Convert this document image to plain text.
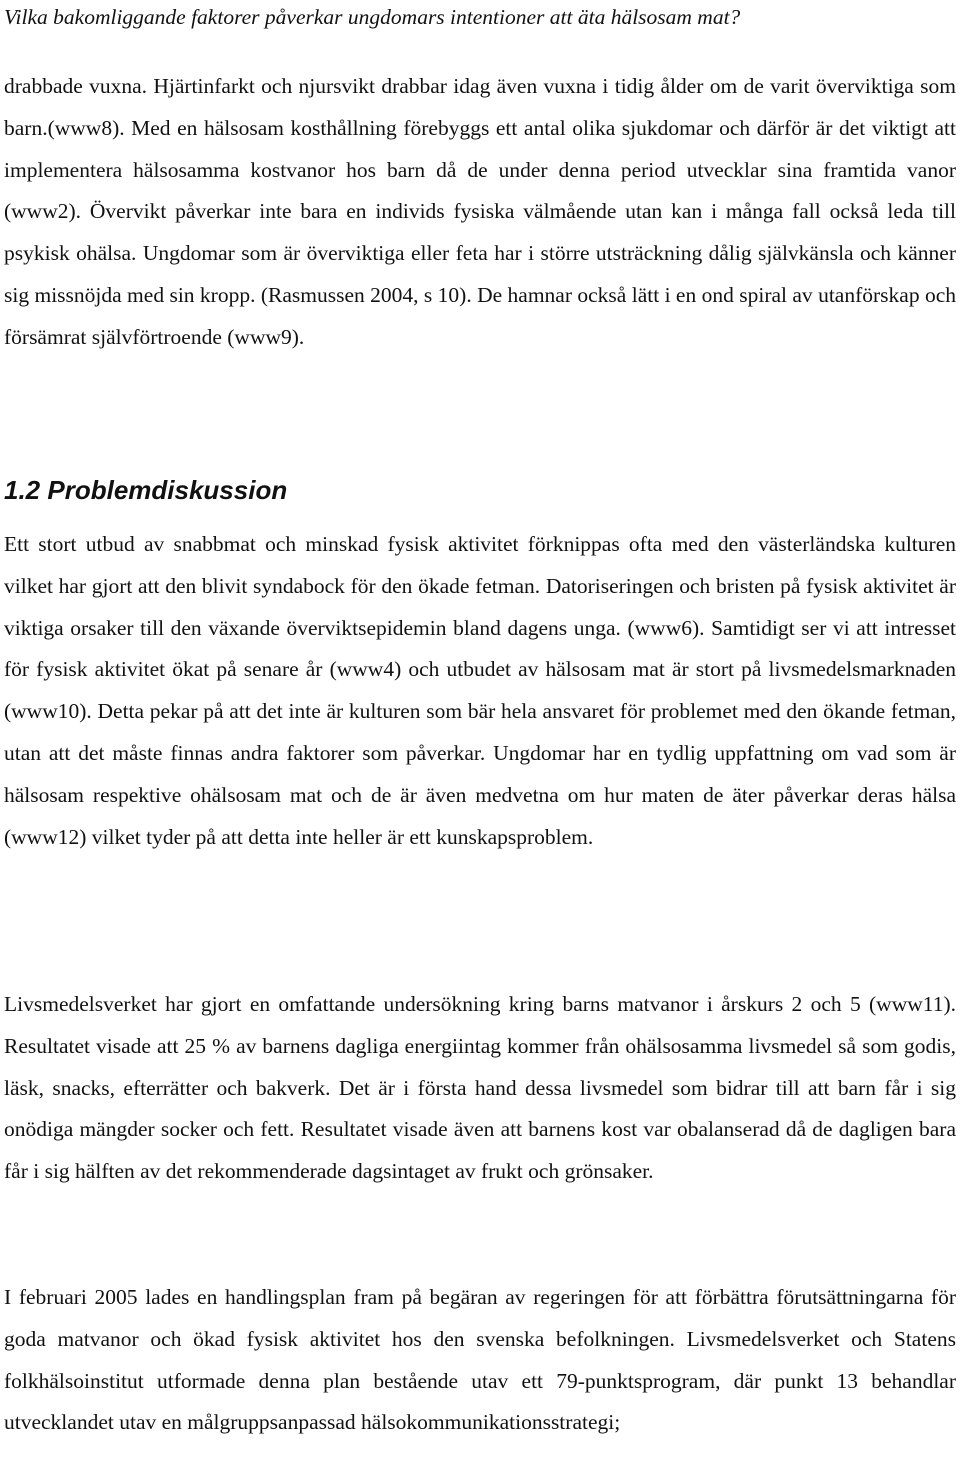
Vilka bakomliggande faktorer påverkar ungdomars intentioner att äta hälsosam mat?

drabbade vuxna. Hjärtinfarkt och njursvikt drabbar idag även vuxna i tidig ålder om de varit överviktiga som barn.(www8). Med en hälsosam kosthållning förebyggs ett antal olika sjukdomar och därför är det viktigt att implementera hälsosamma kostvanor hos barn då de under denna period utvecklar sina framtida vanor (www2). Övervikt påverkar inte bara en individs fysiska välmående utan kan i många fall också leda till psykisk ohälsa. Ungdomar som är överviktiga eller feta har i större utsträckning dålig självkänsla och känner sig missnöjda med sin kropp. (Rasmussen 2004, s 10). De hamnar också lätt i en ond spiral av utanförskap och försämrat självförtroende (www9).

1.2 Problemdiskussion

Ett stort utbud av snabbmat och minskad fysisk aktivitet förknippas ofta med den västerländska kulturen vilket har gjort att den blivit syndabock för den ökade fetman. Datoriseringen och bristen på fysisk aktivitet är viktiga orsaker till den växande överviktsepidemin bland dagens unga. (www6). Samtidigt ser vi att intresset för fysisk aktivitet ökat på senare år (www4) och utbudet av hälsosam mat är stort på livsmedelsmarknaden (www10). Detta pekar på att det inte är kulturen som bär hela ansvaret för problemet med den ökande fetman, utan att det måste finnas andra faktorer som påverkar. Ungdomar har en tydlig uppfattning om vad som är hälsosam respektive ohälsosam mat och de är även medvetna om hur maten de äter påverkar deras hälsa (www12) vilket tyder på att detta inte heller är ett kunskapsproblem.

Livsmedelsverket har gjort en omfattande undersökning kring barns matvanor i årskurs 2 och 5 (www11). Resultatet visade att 25 % av barnens dagliga energiintag kommer från ohälsosamma livsmedel så som godis, läsk, snacks, efterrätter och bakverk. Det är i första hand dessa livsmedel som bidrar till att barn får i sig onödiga mängder socker och fett. Resultatet visade även att barnens kost var obalanserad då de dagligen bara får i sig hälften av det rekommenderade dagsintaget av frukt och grönsaker.

I februari 2005 lades en handlingsplan fram på begäran av regeringen för att förbättra förutsättningarna för goda matvanor och ökad fysisk aktivitet hos den svenska befolkningen. Livsmedelsverket och Statens folkhälsoinstitut utformade denna plan bestående utav ett 79-punktsprogram, där punkt 13 behandlar utvecklandet utav en målgruppsanpassad hälsokommunikationsstrategi;
